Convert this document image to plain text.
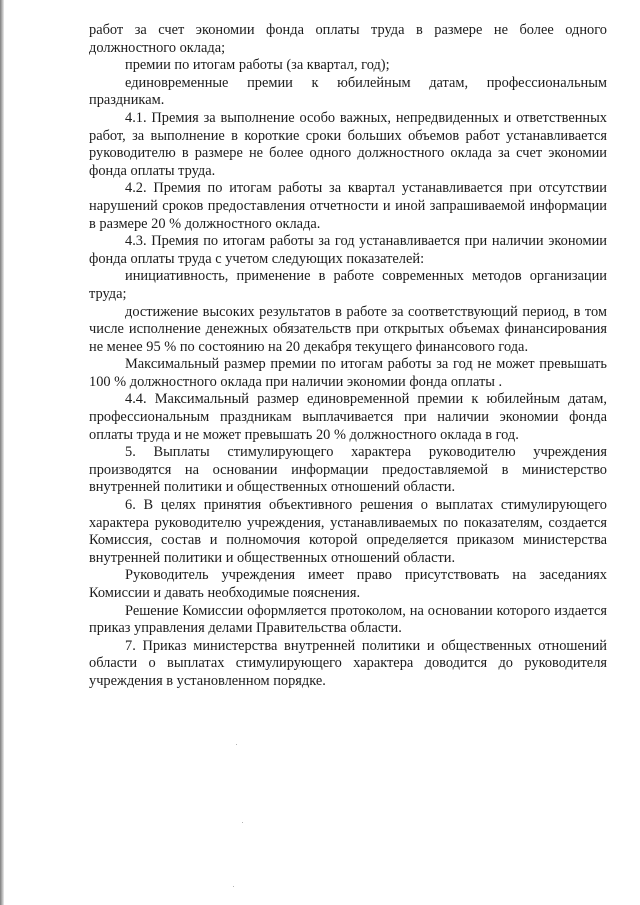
работ за счет экономии фонда оплаты труда в размере не более одного должностного оклада;

премии по итогам работы (за квартал, год);

единовременные премии к юбилейным датам, профессиональным праздникам.

4.1. Премия за выполнение особо важных, непредвиденных и ответственных работ, за выполнение в короткие сроки больших объемов работ устанавливается руководителю в размере не более одного должностного оклада за счет экономии фонда оплаты труда.

4.2. Премия по итогам работы за квартал устанавливается при отсутствии нарушений сроков предоставления отчетности и иной запрашиваемой информации в размере 20 % должностного оклада.

4.3. Премия по итогам работы за год устанавливается при наличии экономии фонда оплаты труда с учетом следующих показателей:

инициативность, применение в работе современных методов организации труда;

достижение высоких результатов в работе за соответствующий период, в том числе исполнение денежных обязательств при открытых объемах финансирования не менее 95 % по состоянию на 20 декабря текущего финансового года.

Максимальный размер премии по итогам работы за год не может превышать 100 % должностного оклада при наличии экономии фонда оплаты .

4.4. Максимальный размер единовременной премии к юбилейным датам, профессиональным праздникам выплачивается при наличии экономии фонда оплаты труда и не может превышать 20 % должностного оклада в год.

5. Выплаты стимулирующего характера руководителю учреждения производятся на основании информации предоставляемой в министерство внутренней политики и общественных отношений области.

6. В целях принятия объективного решения о выплатах стимулирующего характера руководителю учреждения, устанавливаемых по показателям, создается Комиссия, состав и полномочия которой определяется приказом министерства внутренней политики и общественных отношений области.

Руководитель учреждения имеет право присутствовать на заседаниях Комиссии и давать необходимые пояснения.

Решение Комиссии оформляется протоколом, на основании которого издается приказ управления делами Правительства области.

7. Приказ министерства внутренней политики и общественных отношений области о выплатах стимулирующего характера доводится до руководителя учреждения в установленном порядке.
